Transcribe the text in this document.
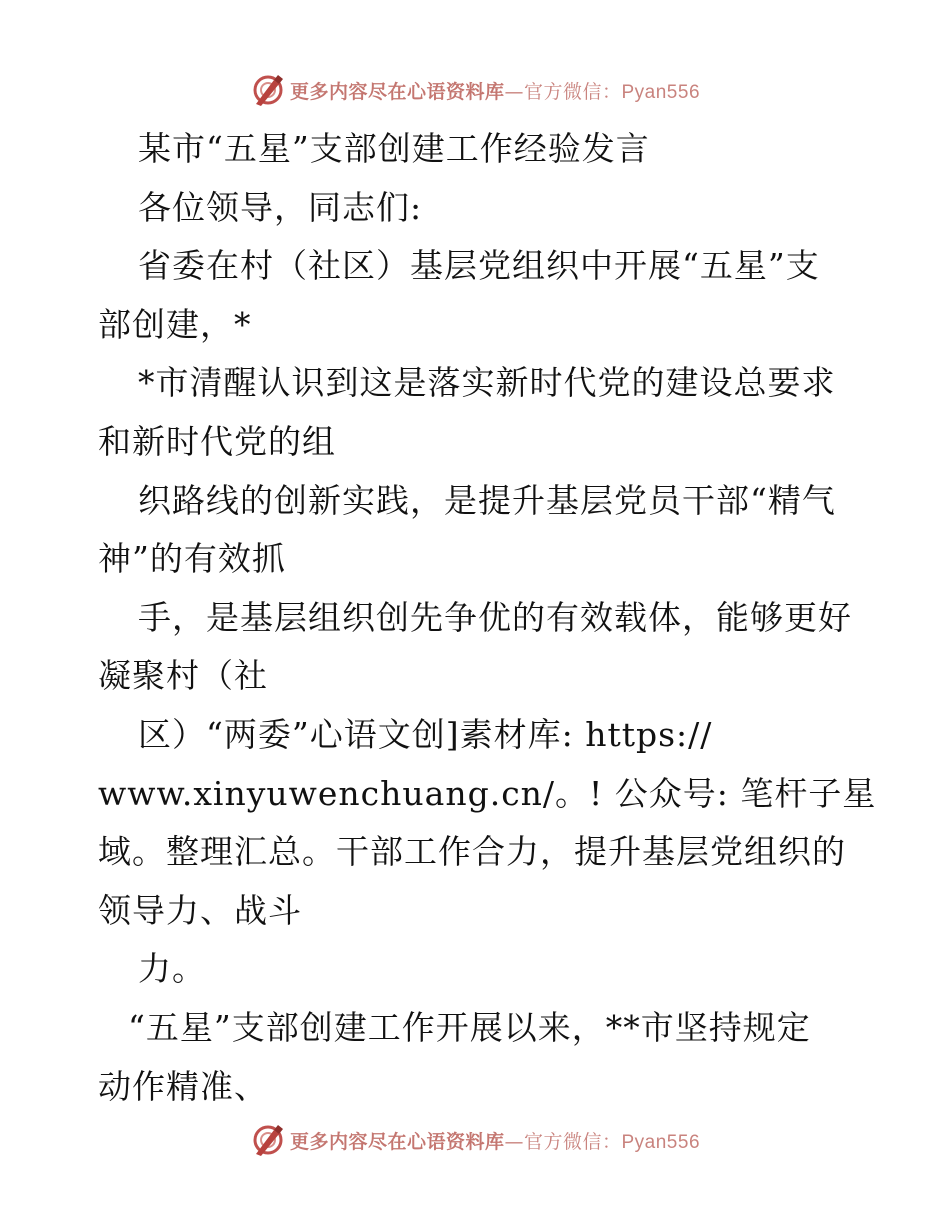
更多内容尽在心语资料库—官方微信：Pyan556
某市“五星”支部创建工作经验发言
各位领导，同志们:
省委在村（社区）基层党组织中开展“五星”支
部创建，*
*市清醒认识到这是落实新时代党的建设总要求
和新时代党的组
织路线的创新实践，是提升基层党员干部“精气
神”的有效抓
手，是基层组织创先争优的有效载体，能够更好
凝聚村（社
区）“两委”心语文创]素材库: https://
www.xinyuwenchuang.cn/。! 公众号: 笔杆子星
域。整理汇总。干部工作合力，提升基层党组织的
领导力、战斗
力。
“五星”支部创建工作开展以来，**市坚持规定
动作精准、
更多内容尽在心语资料库—官方微信：Pyan556
